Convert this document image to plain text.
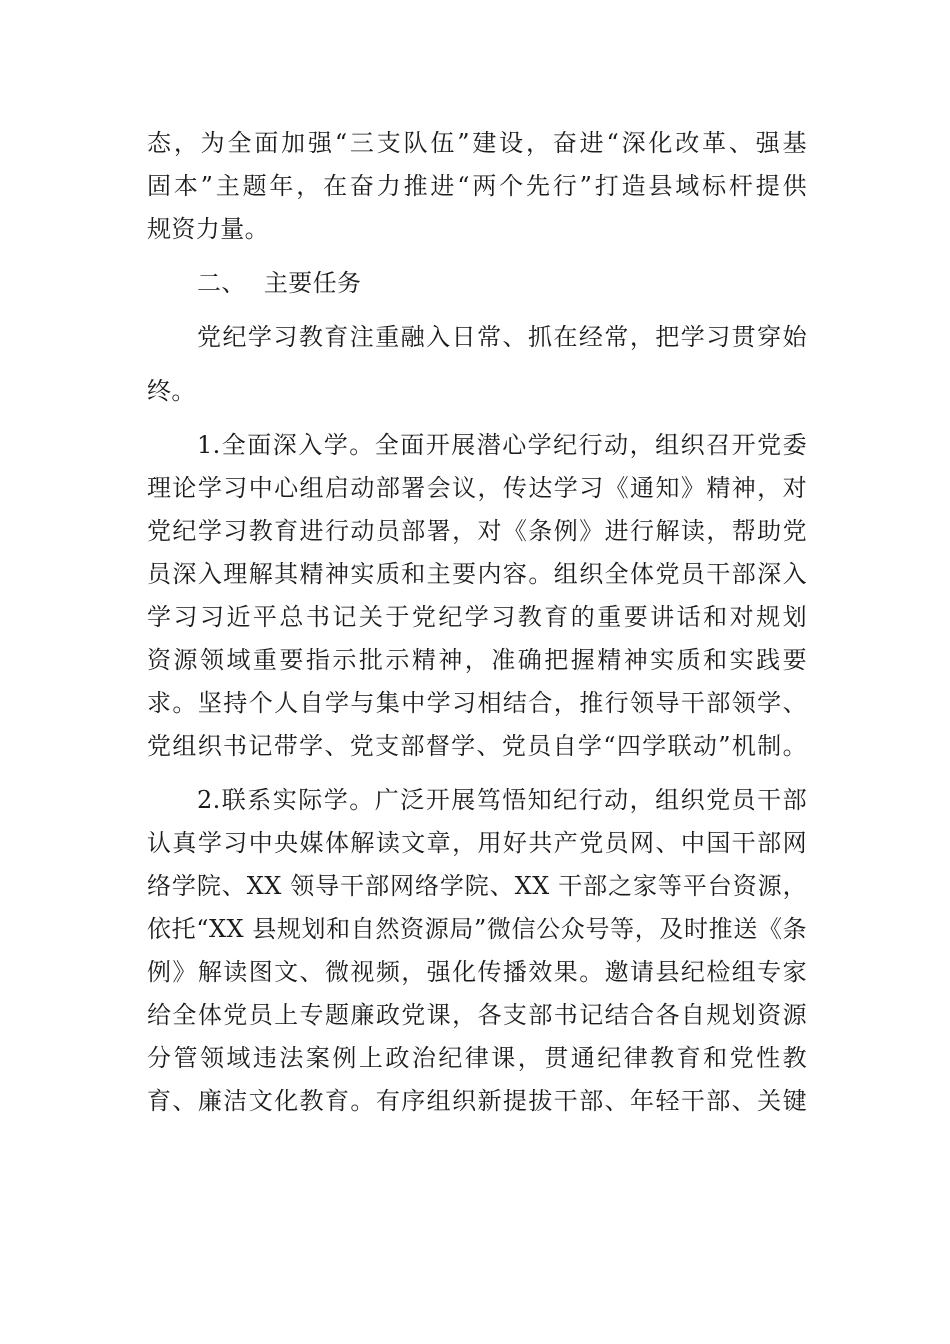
态，为全面加强“三支队伍”建设，奋进“深化改革、强基
固本”主题年，在奋力推进“两个先行”打造县域标杆提供
规资力量。
二、 主要任务
党纪学习教育注重融入日常、抓在经常，把学习贯穿始
终。
1.全面深入学。全面开展潜心学纪行动，组织召开党委
理论学习中心组启动部署会议，传达学习《通知》精神，对
党纪学习教育进行动员部署，对《条例》进行解读，帮助党
员深入理解其精神实质和主要内容。组织全体党员干部深入
学习习近平总书记关于党纪学习教育的重要讲话和对规划
资源领域重要指示批示精神，准确把握精神实质和实践要
求。坚持个人自学与集中学习相结合，推行领导干部领学、
党组织书记带学、党支部督学、党员自学“四学联动”机制。
2.联系实际学。广泛开展笃悟知纪行动，组织党员干部
认真学习中央媒体解读文章，用好共产党员网、中国干部网
络学院、XX 领导干部网络学院、XX 干部之家等平台资源，
依托“XX 县规划和自然资源局”微信公众号等，及时推送《条
例》解读图文、微视频，强化传播效果。邀请县纪检组专家
给全体党员上专题廉政党课，各支部书记结合各自规划资源
分管领域违法案例上政治纪律课，贯通纪律教育和党性教
育、廉洁文化教育。有序组织新提拔干部、年轻干部、关键
